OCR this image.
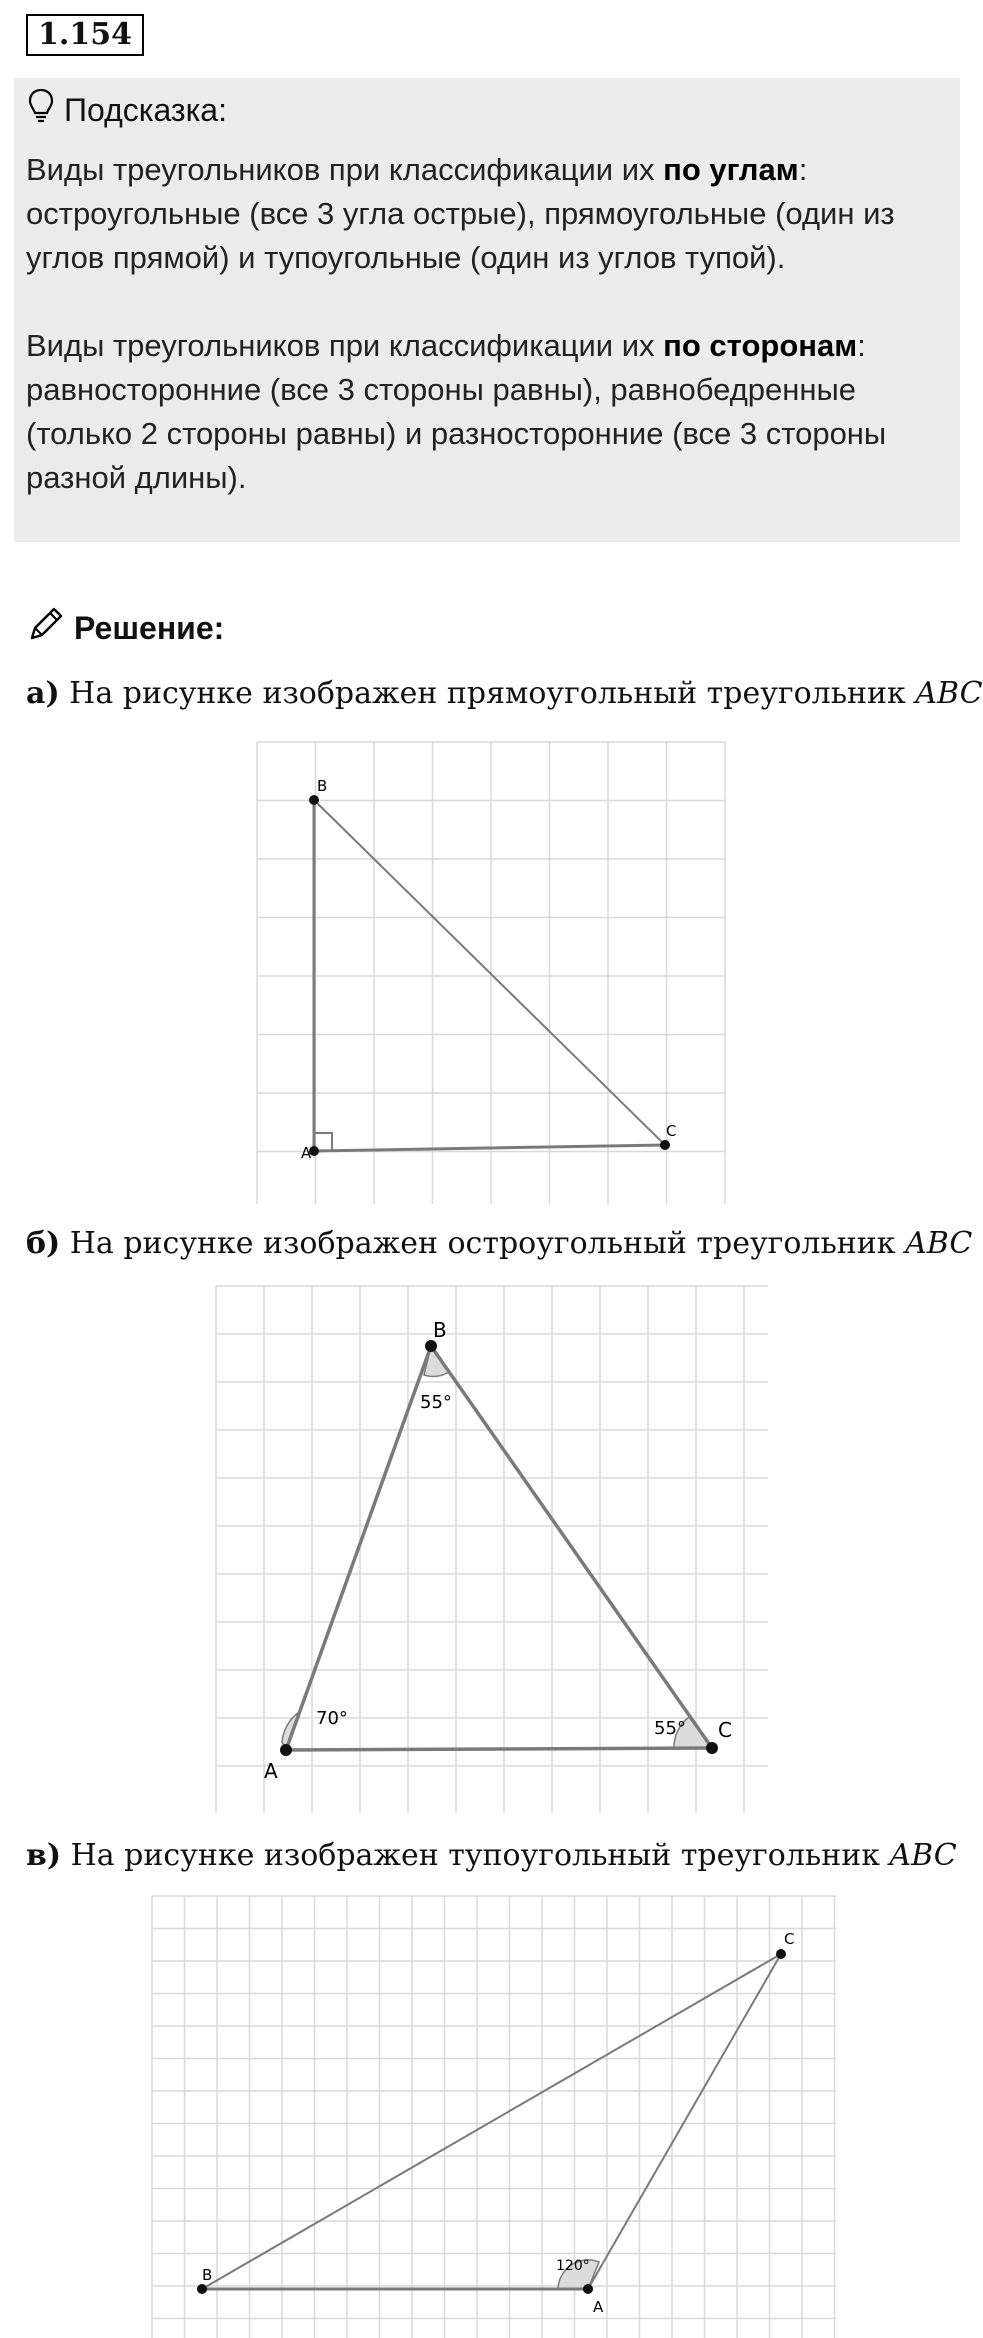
1.154
Подсказка:

Виды треугольников при классификации их по углам: остроугольные (все 3 угла острые), прямоугольные (один из углов прямой) и тупоугольные (один из углов тупой).

Виды треугольников при классификации их по сторонам: равносторонние (все 3 стороны равны), равнобедренные (только 2 стороны равны) и разносторонние (все 3 стороны разной длины).

Решение:
а) На рисунке изображен прямоугольный треугольник ABC
B
A
C
б) На рисунке изображен остроугольный треугольник ABC
B
A
C
70°
55°
55°
в) На рисунке изображен тупоугольный треугольник ABC
B
A
C
120°
